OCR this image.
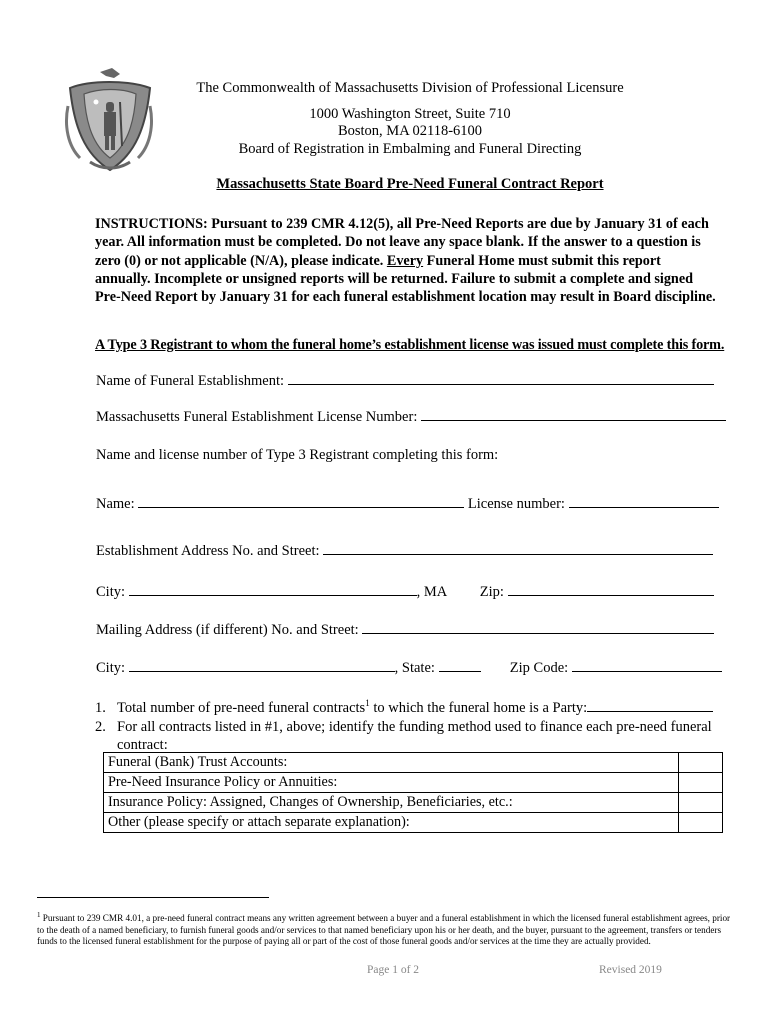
The Commonwealth of Massachusetts Division of Professional Licensure
1000 Washington Street, Suite 710
Boston, MA 02118-6100
Board of Registration in Embalming and Funeral Directing
Massachusetts State Board Pre-Need Funeral Contract Report
INSTRUCTIONS: Pursuant to 239 CMR 4.12(5), all Pre-Need Reports are due by January 31 of each year. All information must be completed. Do not leave any space blank. If the answer to a question is zero (0) or not applicable (N/A), please indicate. Every Funeral Home must submit this report annually. Incomplete or unsigned reports will be returned. Failure to submit a complete and signed Pre-Need Report by January 31 for each funeral establishment location may result in Board discipline.
A Type 3 Registrant to whom the funeral home’s establishment license was issued must complete this form.
Name of Funeral Establishment:
Massachusetts Funeral Establishment License Number:
Name and license number of Type 3 Registrant completing this form:
Name:	License number:
Establishment Address No. and Street:
City:	, MA Zip:
Mailing Address (if different) No. and Street:
City:	, State:	Zip Code:
1. Total number of pre-need funeral contracts$^1$ to which the funeral home is a Party:
2. For all contracts listed in #1, above; identify the funding method used to finance each pre-need funeral contract:
Funeral (Bank) Trust Accounts:	
Pre-Need Insurance Policy or Annuities:	
Insurance Policy: Assigned, Changes of Ownership, Beneficiaries, etc.:	
Other (please specify or attach separate explanation):	
$^1$ Pursuant to 239 CMR 4.01, a pre-need funeral contract means any written agreement between a buyer and a funeral establishment in which the licensed funeral establishment agrees, prior to the death of a named beneficiary, to furnish funeral goods and/or services to that named beneficiary upon his or her death, and the buyer, pursuant to the agreement, transfers or tenders funds to the licensed funeral establishment for the purpose of paying all or part of the cost of those funeral goods and/or services at the time they are actually provided.
Page 1 of 2	Revised 2019
